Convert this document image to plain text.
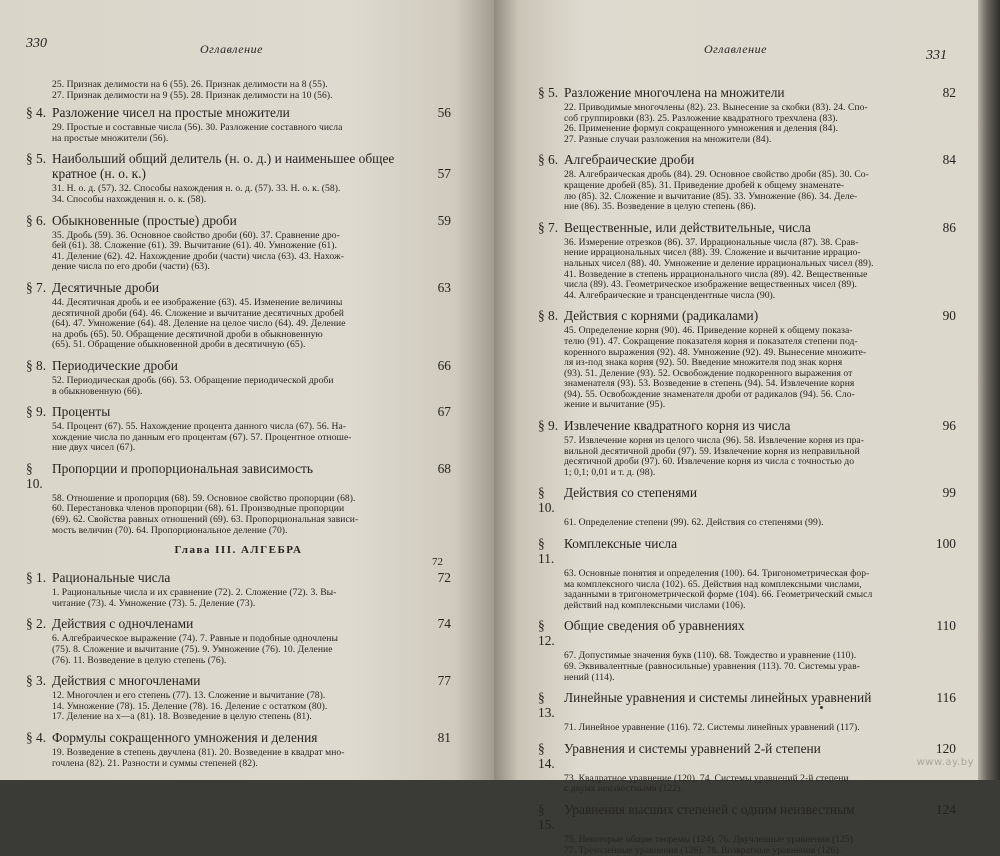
330	Оглавление
25. Признак делимости на 6 (55). 26. Признак делимости на 8 (55).
27. Признак делимости на 9 (55). 28. Признак делимости на 10 (56).
§ 4. Разложение чисел на простые множители	56
29. Простые и составные числа (56). 30. Разложение составного числа
на простые множители (56).
§ 5. Наибольший общий делитель (н. о. д.) и наименьшее общее кратное (н. о. к.)	57
31. Н. о. д. (57). 32. Способы нахождения н. о. д. (57). 33. Н. о. к. (58).
34. Способы нахождения н. о. к. (58).
§ 6. Обыкновенные (простые) дроби	59
35. Дробь (59). 36. Основное свойство дроби (60). 37. Сравнение дро-
бей (61). 38. Сложение (61). 39. Вычитание (61). 40. Умножение (61).
41. Деление (62). 42. Нахождение дроби (части) числа (63). 43. Нахож-
дение числа по его дроби (части) (63).
§ 7. Десятичные дроби	63
44. Десятичная дробь и ее изображение (63). 45. Изменение величины
десятичной дроби (64). 46. Сложение и вычитание десятичных дробей
(64). 47. Умножение (64). 48. Деление на целое число (64). 49. Деление
на дробь (65). 50. Обращение десятичной дроби в обыкновенную
(65). 51. Обращение обыкновенной дроби в десятичную (65).
§ 8. Периодические дроби	66
52. Периодическая дробь (66). 53. Обращение периодической дроби
в обыкновенную (66).
§ 9. Проценты	67
54. Процент (67). 55. Нахождение процента данного числа (67). 56. На-
хождение числа по данным его процентам (67). 57. Процентное отноше-
ние двух чисел (67).
§ 10.
Пропорции и пропорциональная зависимость	68
58. Отношение и пропорция (68). 59. Основное свойство пропорции (68).
60. Перестановка членов пропорции (68). 61. Производные пропорции
(69). 62. Свойства равных отношений (69). 63. Пропорциональная зависи-
мость величин (70). 64. Пропорциональное деление (70).
Глава III. АЛГЕБРА
72
§ 1. Рациональные числа	72
1. Рациональные числа и их сравнение (72). 2. Сложение (72). 3. Вы-
читание (73). 4. Умножение (73). 5. Деление (73).
§ 2. Действия с одночленами	74
6. Алгебраическое выражение (74). 7. Равные и подобные одночлены
(75). 8. Сложение и вычитание (75). 9. Умножение (76). 10. Деление
(76). 11. Возведение в целую степень (76).
§ 3. Действия с многочленами	77
12. Многочлен и его степень (77). 13. Сложение и вычитание (78).
14. Умножение (78). 15. Деление (78). 16. Деление с остатком (80).
17. Деление на x—a (81). 18. Возведение в целую степень (81).
§ 4. Формулы сокращенного умножения и деления	81
19. Возведение в степень двучлена (81). 20. Возведение в квадрат мно-
гочлена (82). 21. Разности и суммы степеней (82).
Оглавление	331
§ 5. Разложение многочлена на множители	82
22. Приводимые многочлены (82). 23. Вынесение за скобки (83). 24. Спо-
соб группировки (83). 25. Разложение квадратного трехчлена (83).
26. Применение формул сокращенного умножения и деления (84).
27. Разные случаи разложения на множители (84).
§ 6. Алгебраические дроби	84
28. Алгебраическая дробь (84). 29. Основное свойство дроби (85). 30. Со-
кращение дробей (85). 31. Приведение дробей к общему знаменате-
лю (85). 32. Сложение и вычитание (85). 33. Умножение (86). 34. Деле-
ние (86). 35. Возведение в целую степень (86).
§ 7. Вещественные, или действительные, числа	86
36. Измерение отрезков (86). 37. Иррациональные числа (87). 38. Срав-
нение иррациональных чисел (88). 39. Сложение и вычитание иррацио-
нальных чисел (88). 40. Умножение и деление иррациональных чисел (89).
41. Возведение в степень иррационального числа (89). 42. Вещественные
числа (89). 43. Геометрическое изображение вещественных чисел (89).
44. Алгебраические и трансцендентные числа (90).
§ 8. Действия с корнями (радикалами)	90
45. Определение корня (90). 46. Приведение корней к общему показа-
телю (91). 47. Сокращение показателя корня и показателя степени под-
коренного выражения (92). 48. Умножение (92). 49. Вынесение множите-
ля из-под знака корня (92). 50. Введение множителя под знак корня
(93). 51. Деление (93). 52. Освобождение подкоренного выражения от
знаменателя (93). 53. Возведение в степень (94). 54. Извлечение корня
(94). 55. Освобождение знаменателя дроби от радикалов (94). 56. Сло-
жение и вычитание (95).
§ 9. Извлечение квадратного корня из числа	96
57. Извлечение корня из целого числа (96). 58. Извлечение корня из пра-
вильной десятичной дроби (97). 59. Извлечение корня из неправильной
десятичной дроби (97). 60. Извлечение корня из числа с точностью до
1; 0,1; 0,01 и т. д. (98).
§ 10.
Действия со степенями	99
61. Определение степени (99). 62. Действия со степенями (99).
§ 11.
Комплексные числа	100
63. Основные понятия и определения (100). 64. Тригонометрическая фор-
ма комплексного числа (102). 65. Действия над комплексными числами,
заданными в тригонометрической форме (104). 66. Геометрический смысл
действий над комплексными числами (106).
§ 12.
Общие сведения об уравнениях	110
67. Допустимые значения букв (110). 68. Тождество и уравнение (110).
69. Эквивалентные (равносильные) уравнения (113). 70. Системы урав-
нений (114).
§ 13.
Линейные уравнения и системы линейных уравнений	116
71. Линейное уравнение (116). 72. Системы линейных уравнений (117).
§ 14.
Уравнения и системы уравнений 2-й степени	120
73. Квадратное уравнение (120). 74. Системы уравнений 2-й степени
с двумя неизвестными (122).
§ 15.
Уравнения высших степеней с одним неизвестным	124
75. Некоторые общие теоремы (124). 76. Двучленные уравнения (125).
77. Трехчленные уравнения (126). 78. Возвратные уравнения (126).
www.ay.by
